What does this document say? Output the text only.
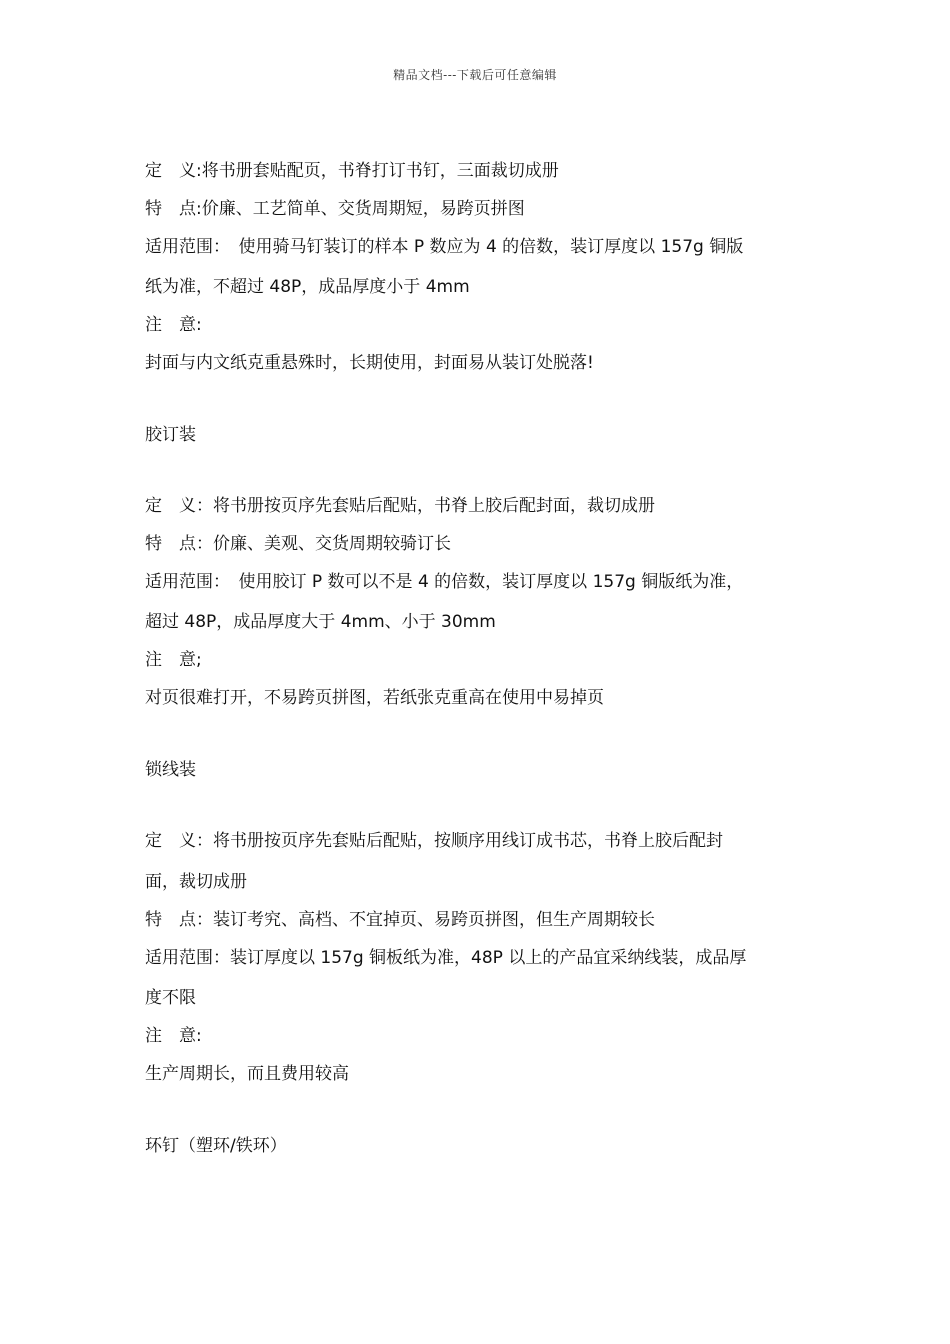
精品文档---下载后可任意编辑
定　义:将书册套贴配页，书脊打订书钉，三面裁切成册
特　点:价廉、工艺简单、交货周期短，易跨页拼图
适用范围：　使用骑马钉装订的样本 P 数应为 4 的倍数，装订厚度以 157g 铜版
纸为准，不超过 48P，成品厚度小于 4mm
注　意:
封面与内文纸克重悬殊时，长期使用，封面易从装订处脱落!
胶订装
定　义：将书册按页序先套贴后配贴，书脊上胶后配封面，裁切成册
特　点：价廉、美观、交货周期较骑订长
适用范围：　使用胶订 P 数可以不是 4 的倍数，装订厚度以 157g 铜版纸为准，
超过 48P，成品厚度大于 4mm、小于 30mm
注　意;
对页很难打开，不易跨页拼图，若纸张克重高在使用中易掉页
锁线装
定　义：将书册按页序先套贴后配贴，按顺序用线订成书芯，书脊上胶后配封
面，裁切成册
特　点：装订考究、高档、不宜掉页、易跨页拼图，但生产周期较长
适用范围：装订厚度以 157g 铜板纸为准，48P 以上的产品宜采纳线装，成品厚
度不限
注　意:
生产周期长，而且费用较高
环钉（塑环/铁环）
